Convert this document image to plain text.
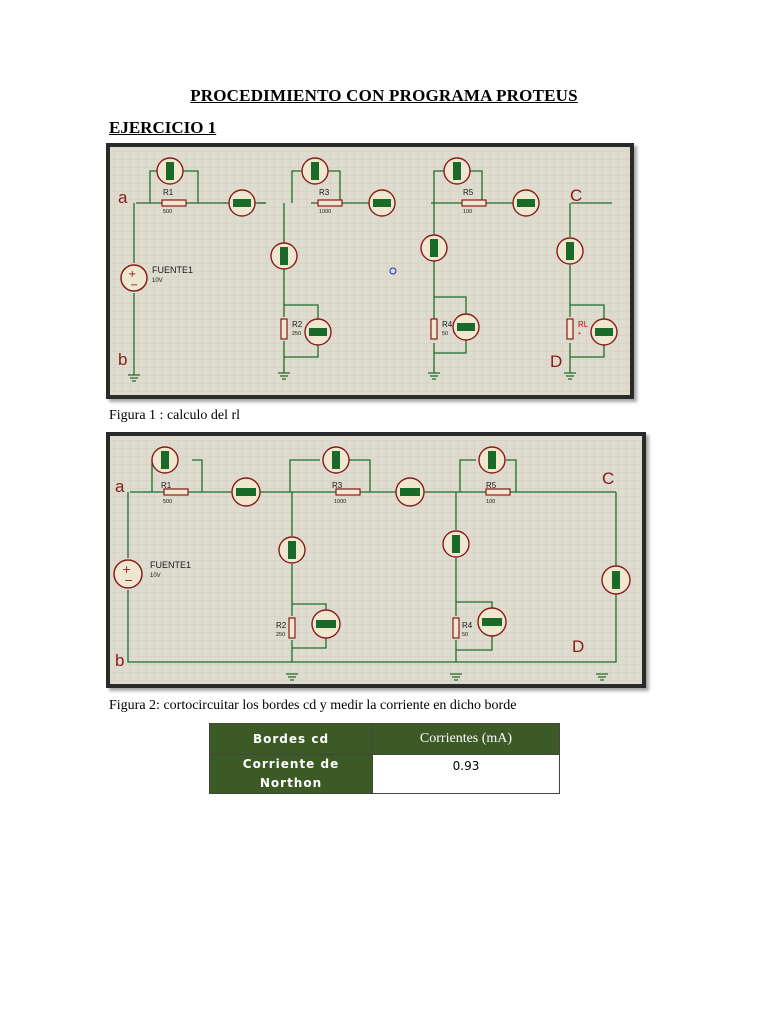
PROCEDIMIENTO CON PROGRAMA PROTEUS
EJERCICIO 1
+
−
a
b
C
D
FUENTE1
10V
R1
500
R3
1000
R5
100
R2
250
R4
50
RL
+
Figura 1 : calculo del rl
+
−
a
b
C
D
FUENTE1
10V
R1
500
R3
1000
R5
100
R2
250
R4
50
Figura 2: cortocircuitar los bordes cd y medir la corriente en dicho borde
Bordes cd	Corrientes (mA)
Corriente de Northon	0.93
